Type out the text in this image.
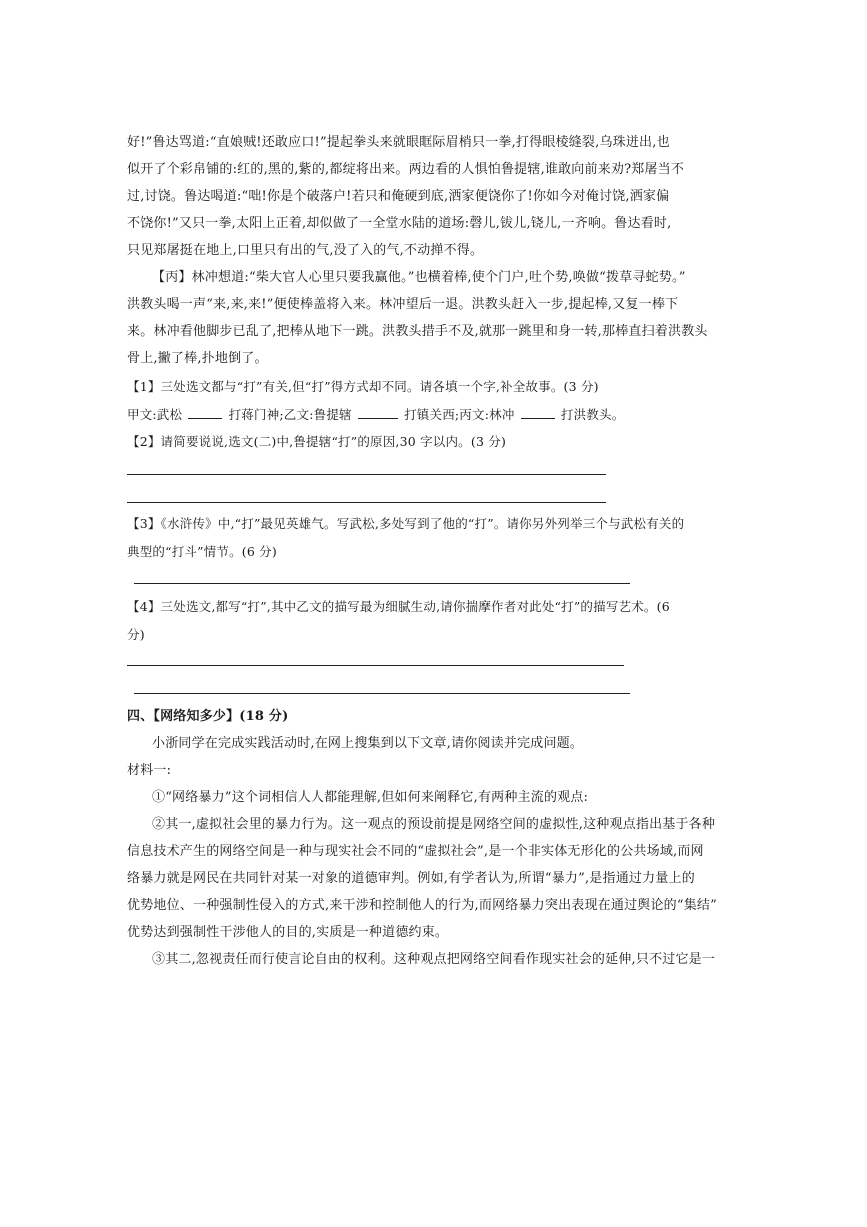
好!”鲁达骂道:“直娘贼!还敢应口!”提起拳头来就眼眶际眉梢只一拳,打得眼棱缝裂,乌珠迸出,也
似开了个彩帛铺的:红的,黑的,紫的,都绽将出来。两边看的人惧怕鲁提辖,谁敢向前来劝?郑屠当不
过,讨饶。鲁达喝道:“咄!你是个破落户!若只和俺硬到底,洒家便饶你了!你如今对俺讨饶,洒家偏
不饶你!”又只一拳,太阳上正着,却似做了一全堂水陆的道场:磬儿,钹儿,铙儿,一齐响。鲁达看时,
只见郑屠挺在地上,口里只有出的气,没了入的气,不动掸不得。
【丙】林冲想道:“柴大官人心里只要我赢他。”也横着棒,使个门户,吐个势,唤做“拨草寻蛇势。”
洪教头喝一声“来,来,来!”便使棒盖将入来。林冲望后一退。洪教头赶入一步,提起棒,又复一棒下
来。林冲看他脚步已乱了,把棒从地下一跳。洪教头措手不及,就那一跳里和身一转,那棒直扫着洪教头
骨上,撇了棒,扑地倒了。
【1】三处选文都与“打”有关,但“打”得方式却不同。请各填一个字,补全故事。(3 分)
甲文:武松	打蒋门神;乙文:鲁提辖	打镇关西;丙文:林冲	打洪教头。
【2】请简要说说,选文(二)中,鲁提辖“打”的原因,30 字以内。(3 分)
【3】《水浒传》中,“打”最见英雄气。写武松,多处写到了他的“打”。请你另外列举三个与武松有关的
典型的“打斗”情节。(6 分)
【4】三处选文,都写“打”,其中乙文的描写最为细腻生动,请你揣摩作者对此处“打”的描写艺术。(6
分)
四、【网络知多少】(18 分)
小浙同学在完成实践活动时,在网上搜集到以下文章,请你阅读并完成问题。
材料一:
①“网络暴力”这个词相信人人都能理解,但如何来阐释它,有两种主流的观点:
②其一,虚拟社会里的暴力行为。这一观点的预设前提是网络空间的虚拟性,这种观点指出基于各种
信息技术产生的网络空间是一种与现实社会不同的“虚拟社会”,是一个非实体无形化的公共场域,而网
络暴力就是网民在共同针对某一对象的道德审判。例如,有学者认为,所谓“暴力”,是指通过力量上的
优势地位、一种强制性侵入的方式,来干涉和控制他人的行为,而网络暴力突出表现在通过舆论的“集结”
优势达到强制性干涉他人的目的,实质是一种道德约束。
③其二,忽视责任而行使言论自由的权利。这种观点把网络空间看作现实社会的延伸,只不过它是一
